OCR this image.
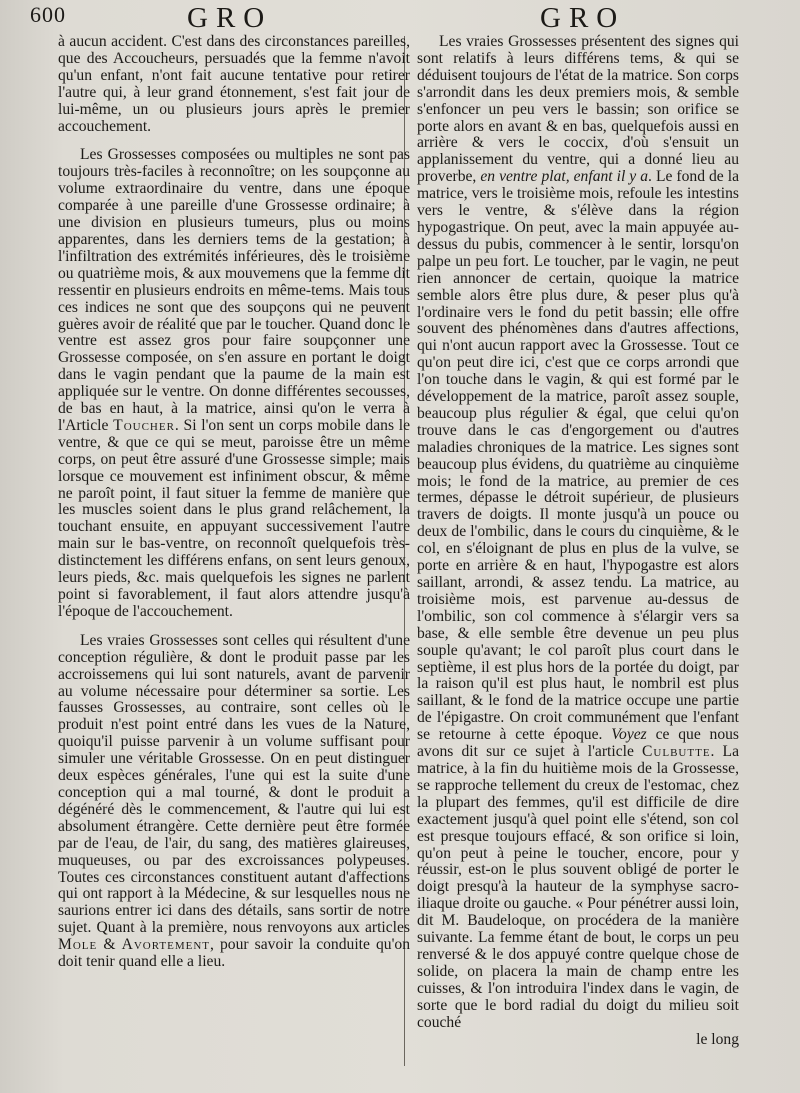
600	GRO	GRO

à aucun accident. C'est dans des circonstances pareilles, que des Accoucheurs, persuadés que la femme n'avoit qu'un enfant, n'ont fait aucune tentative pour retirer l'autre qui, à leur grand étonnement, s'est fait jour de lui-même, un ou plusieurs jours après le premier accouchement.

Les Grossesses composées ou multiples ne sont pas toujours très-faciles à reconnoître; on les soupçonne au volume extraordinaire du ventre, dans une époque comparée à une pareille d'une Grossesse ordinaire; à une division en plusieurs tumeurs, plus ou moins apparentes, dans les derniers tems de la gestation; à l'infiltration des extrémités inférieures, dès le troisième ou quatrième mois, & aux mouvemens que la femme dit ressentir en plusieurs endroits en même-tems. Mais tous ces indices ne sont que des soupçons qui ne peuvent guères avoir de réalité que par le toucher. Quand donc le ventre est assez gros pour faire soupçonner une Grossesse composée, on s'en assure en portant le doigt dans le vagin pendant que la paume de la main est appliquée sur le ventre. On donne différentes secousses, de bas en haut, à la matrice, ainsi qu'on le verra à l'Article Toucher. Si l'on sent un corps mobile dans le ventre, & que ce qui se meut, paroisse être un même corps, on peut être assuré d'une Grossesse simple; mais lorsque ce mouvement est infiniment obscur, & même ne paroît point, il faut situer la femme de manière que les muscles soient dans le plus grand relâchement, la touchant ensuite, en appuyant successivement l'autre main sur le bas-ventre, on reconnoît quelquefois très-distinctement les différens enfans, on sent leurs genoux, leurs pieds, &c. mais quelquefois les signes ne parlent point si favorablement, il faut alors attendre jusqu'à l'époque de l'accouchement.

Les vraies Grossesses sont celles qui résultent d'une conception régulière, & dont le produit passe par les accroissemens qui lui sont naturels, avant de parvenir au volume nécessaire pour déterminer sa sortie. Les fausses Grossesses, au contraire, sont celles où le produit n'est point entré dans les vues de la Nature, quoiqu'il puisse parvenir à un volume suffisant pour simuler une véritable Grossesse. On en peut distinguer deux espèces générales, l'une qui est la suite d'une conception qui a mal tourné, & dont le produit a dégénéré dès le commencement, & l'autre qui lui est absolument étrangère. Cette dernière peut être formée par de l'eau, de l'air, du sang, des matières glaireuses, muqueuses, ou par des excroissances polypeuses. Toutes ces circonstances constituent autant d'affections qui ont rapport à la Médecine, & sur lesquelles nous ne saurions entrer ici dans des détails, sans sortir de notre sujet. Quant à la première, nous renvoyons aux articles Mole & Avortement, pour savoir la conduite qu'on doit tenir quand elle a lieu.

Les vraies Grossesses présentent des signes qui sont relatifs à leurs différens tems, & qui se déduisent toujours de l'état de la matrice. Son corps s'arrondit dans les deux premiers mois, & semble s'enfoncer un peu vers le bassin; son orifice se porte alors en avant & en bas, quelquefois aussi en arrière & vers le coccix, d'où s'ensuit un applanissement du ventre, qui a donné lieu au proverbe, en ventre plat, enfant il y a. Le fond de la matrice, vers le troisième mois, refoule les intestins vers le ventre, & s'élève dans la région hypogastrique. On peut, avec la main appuyée au-dessus du pubis, commencer à le sentir, lorsqu'on palpe un peu fort. Le toucher, par le vagin, ne peut rien annoncer de certain, quoique la matrice semble alors être plus dure, & peser plus qu'à l'ordinaire vers le fond du petit bassin; elle offre souvent des phénomènes dans d'autres affections, qui n'ont aucun rapport avec la Grossesse. Tout ce qu'on peut dire ici, c'est que ce corps arrondi que l'on touche dans le vagin, & qui est formé par le développement de la matrice, paroît assez souple, beaucoup plus régulier & égal, que celui qu'on trouve dans le cas d'engorgement ou d'autres maladies chroniques de la matrice. Les signes sont beaucoup plus évidens, du quatrième au cinquième mois; le fond de la matrice, au premier de ces termes, dépasse le détroit supérieur, de plusieurs travers de doigts. Il monte jusqu'à un pouce ou deux de l'ombilic, dans le cours du cinquième, & le col, en s'éloignant de plus en plus de la vulve, se porte en arrière & en haut, l'hypogastre est alors saillant, arrondi, & assez tendu. La matrice, au troisième mois, est parvenue au-dessus de l'ombilic, son col commence à s'élargir vers sa base, & elle semble être devenue un peu plus souple qu'avant; le col paroît plus court dans le septième, il est plus hors de la portée du doigt, par la raison qu'il est plus haut, le nombril est plus saillant, & le fond de la matrice occupe une partie de l'épigastre. On croit communément que l'enfant se retourne à cette époque. Voyez ce que nous avons dit sur ce sujet à l'article Culbutte. La matrice, à la fin du huitième mois de la Grossesse, se rapproche tellement du creux de l'estomac, chez la plupart des femmes, qu'il est difficile de dire exactement jusqu'à quel point elle s'étend, son col est presque toujours effacé, & son orifice si loin, qu'on peut à peine le toucher, encore, pour y réussir, est-on le plus souvent obligé de porter le doigt presqu'à la hauteur de la symphyse sacro-iliaque droite ou gauche. « Pour pénétrer aussi loin, dit M. Baudeloque, on procédera de la manière suivante. La femme étant de bout, le corps un peu renversé & le dos appuyé contre quelque chose de solide, on placera la main de champ entre les cuisses, & l'on introduira l'index dans le vagin, de sorte que le bord radial du doigt du milieu soit couché

le long
